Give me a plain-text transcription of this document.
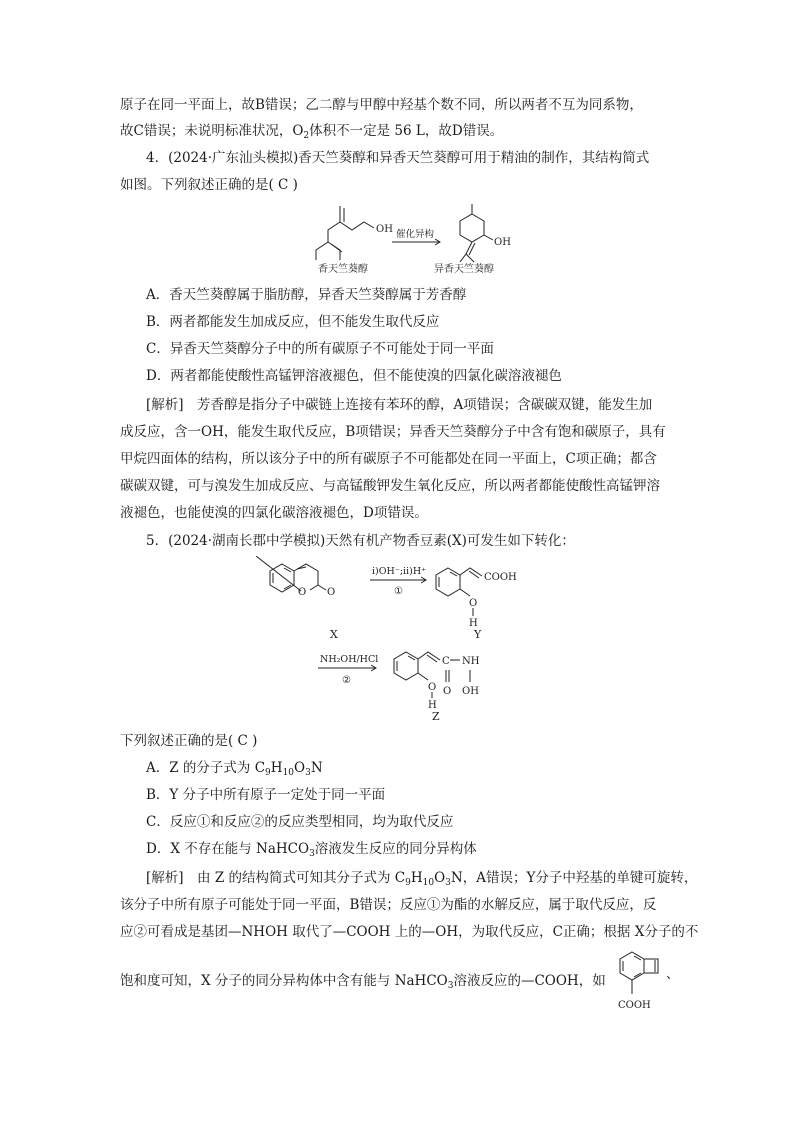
原子在同一平面上，故B错误；乙二醇与甲醇中羟基个数不同，所以两者不互为同系物，
故C错误；未说明标准状况，$O_2$体积不一定是 56 L，故D错误。
4．(2024·广东汕头模拟)香天竺葵醇和异香天竺葵醇可用于精油的制作，其结构简式
如图。下列叙述正确的是( C )
OH
OH
催化异构
香天竺葵醇	异香天竺葵醇
A．香天竺葵醇属于脂肪醇，异香天竺葵醇属于芳香醇
B．两者都能发生加成反应，但不能发生取代反应
C．异香天竺葵醇分子中的所有碳原子不可能处于同一平面
D．两者都能使酸性高锰钾溶液褪色，但不能使溴的四氯化碳溶液褪色
[解析]　芳香醇是指分子中碳链上连接有苯环的醇，A项错误；含碳碳双键，能发生加
成反应，含一OH，能发生取代反应，B项错误；异香天竺葵醇分子中含有饱和碳原子，具有
甲烷四面体的结构，所以该分子中的所有碳原子不可能都处在同一平面上，C项正确；都含
碳碳双键，可与溴发生加成反应、与高锰酸钾发生氧化反应，所以两者都能使酸性高锰钾溶
液褪色，也能使溴的四氯化碳溶液褪色，D项错误。
5．(2024·湖南长郡中学模拟)天然有机产物香豆素(X)可发生如下转化：
O O
ⅰ)OH⁻;ⅱ)H⁺
①
COOH
O
H
X	Y
NH₂OH/HCl
②
C NH
O O OH
H
Z
下列叙述正确的是( C )
A．Z 的分子式为 $C_9H_{10}O_3N$
B．Y 分子中所有原子一定处于同一平面
C．反应①和反应②的反应类型相同，均为取代反应
D．X 不存在能与 NaHCO$_3$溶液发生反应的同分异构体
[解析]　由 Z 的结构简式可知其分子式为 $C_9H_{10}O_3N$，A错误；Y分子中羟基的单键可旋转，
该分子中所有原子可能处于同一平面，B错误；反应①为酯的水解反应，属于取代反应，反
应②可看成是基团—NHOH 取代了—COOH 上的—OH，为取代反应，C正确；根据 X分子的不
饱和度可知，X 分子的同分异构体中含有能与 NaHCO$_3$溶液反应的—COOH，如
COOH
、
